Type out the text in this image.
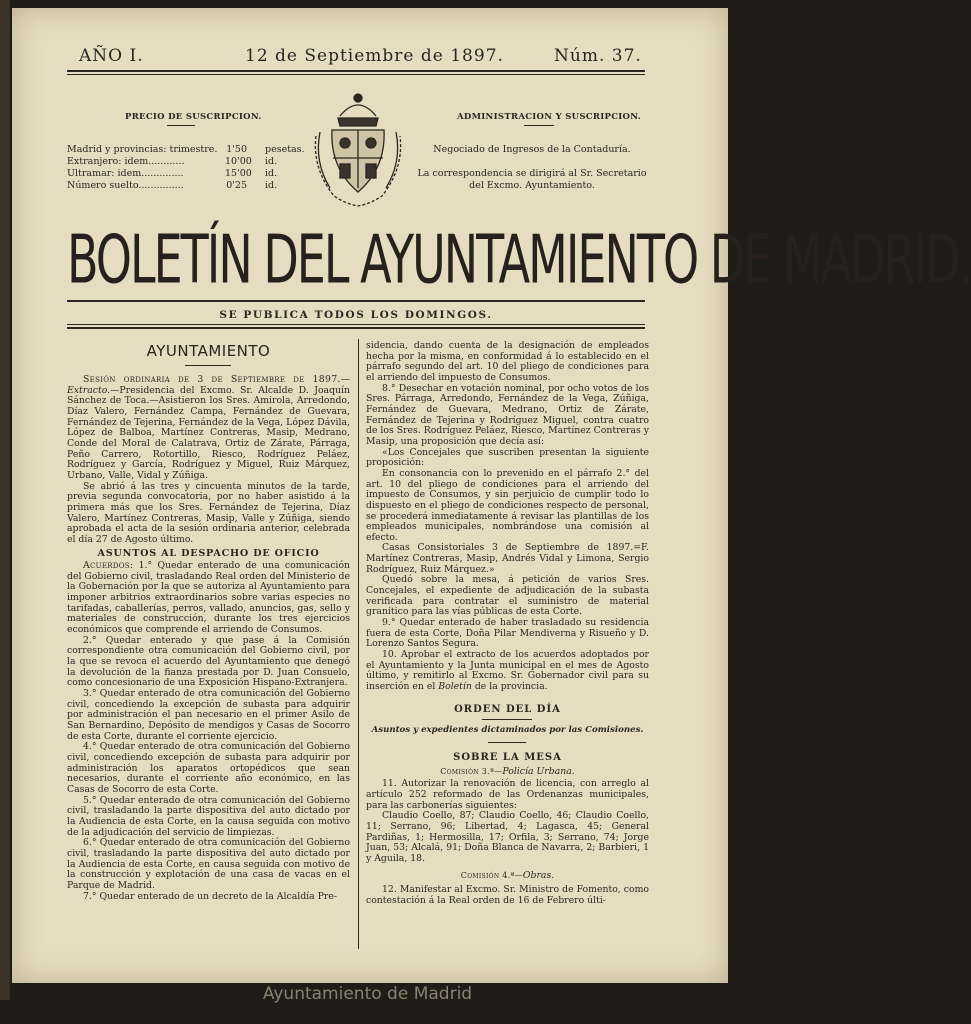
AÑO I.	12 de Septiembre de 1897.	Núm. 37.
PRECIO DE SUSCRIPCION.
Madrid y provincias: trimestre. 1'50 pesetas.
Extranjero: idem............	10'00 id.
Ultramar: idem..............	15'00 id.
Número suelto...............	0'25 id.
ADMINISTRACION Y SUSCRIPCION.
Negociado de Ingresos de la Contaduría.
La correspondencia se dirigirá al Sr. Secretario del Excmo. Ayuntamiento.
BOLETÍN DEL AYUNTAMIENTO DE MADRID.
SE PUBLICA TODOS LOS DOMINGOS.
AYUNTAMIENTO

Sesión ordinaria de 3 de Septiembre de 1897.—Extracto.—Presidencia del Excmo. Sr. Alcalde D. Joaquín Sánchez de Toca.—Asistieron los Sres. Amirola, Arredondo, Díaz Valero, Fernández Campa, Fernández de Guevara, Fernández de Tejerina, Fernández de la Vega, López Dávila, López de Balboa, Martínez Contreras, Masip, Medrano, Conde del Moral de Calatrava, Ortiz de Zárate, Párraga, Peño Carrero, Rotortillo, Riesco, Rodríguez Peláez, Rodríguez y García, Rodríguez y Miguel, Ruiz Márquez, Urbano, Valle, Vidal y Zúñiga.

Se abrió á las tres y cincuenta minutos de la tarde, previa segunda convocatoria, por no haber asistido á la primera más que los Sres. Fernández de Tejerina, Díaz Valero, Martínez Contreras, Masip, Valle y Zúñiga, siendo aprobada el acta de la sesión ordinaria anterior, celebrada el día 27 de Agosto último.

ASUNTOS AL DESPACHO DE OFICIO

Acuerdos: 1.° Quedar enterado de una comunicación del Gobierno civil, trasladando Real orden del Ministerio de la Gobernación por la que se autoriza al Ayuntamiento para imponer arbitrios extraordinarios sobre varias especies no tarifadas, caballerías, perros, vallado, anuncios, gas, sello y materiales de construcción, durante los tres ejercicios económicos que comprende el arriendo de Consumos.

2.° Quedar enterado y que pase á la Comisión correspondiente otra comunicación del Gobierno civil, por la que se revoca el acuerdo del Ayuntamiento que denegó la devolución de la fianza prestada por D. Juan Consuelo, como concesionario de una Exposición Hispano-Extranjera.

3.° Quedar enterado de otra comunicación del Gobierno civil, concediendo la excepción de subasta para adquirir por administración el pan necesario en el primer Asilo de San Bernardino, Depósito de mendigos y Casas de Socorro de esta Corte, durante el corriente ejercicio.

4.° Quedar enterado de otra comunicación del Gobierno civil, concediendo excepción de subasta para adquirir por administración los aparatos ortopédicos que sean necesarios, durante el corriente año económico, en las Casas de Socorro de esta Corte.

5.° Quedar enterado de otra comunicación del Gobierno civil, trasladando la parte dispositiva del auto dictado por la Audiencia de esta Corte, en la causa seguida con motivo de la adjudicación del servicio de limpiezas.

6.° Quedar enterado de otra comunicación del Gobierno civil, trasladando la parte dispositiva del auto dictado por la Audiencia de esta Corte, en causa seguida con motivo de la construcción y explotación de una casa de vacas en el Parque de Madrid.

7.° Quedar enterado de un decreto de la Alcaldía Pre-

sidencia, dando cuenta de la designación de empleados hecha por la misma, en conformidad á lo establecido en el párrafo segundo del art. 10 del pliego de condiciones para el arriendo del impuesto de Consumos.

8.° Desechar en votación nominal, por ocho votos de los Sres. Párraga, Arredondo, Fernández de la Vega, Zúñiga, Fernández de Guevara, Medrano, Ortiz de Zárate, Fernández de Tejerina y Rodríguez Miguel, contra cuatro de los Sres. Rodríguez Peláez, Riesco, Martínez Contreras y Masip, una proposición que decía así:

«Los Concejales que suscriben presentan la siguiente proposición:

En consonancia con lo prevenido en el párrafo 2.° del art. 10 del pliego de condiciones para el arriendo del impuesto de Consumos, y sin perjuicio de cumplir todo lo dispuesto en el pliego de condiciones respecto de personal, se procederá inmediatamente á revisar las plantillas de los empleados municipales, nombrándose una comisión al efecto.

Casas Consistoriales 3 de Septiembre de 1897.=F. Martínez Contreras, Masip, Andrés Vidal y Limona, Sergio Rodríguez, Ruiz Márquez.»

Quedó sobre la mesa, á petición de varios Sres. Concejales, el expediente de adjudicación de la subasta verificada para contratar el suministro de material granítico para las vías públicas de esta Corte.

9.° Quedar enterado de haber trasladado su residencia fuera de esta Corte, Doña Pilar Mendiverna y Risueño y D. Lorenzo Santos Segura.

10. Aprobar el extracto de los acuerdos adoptados por el Ayuntamiento y la Junta municipal en el mes de Agosto último, y remitirlo al Excmo. Sr. Gobernador civil para su inserción en el Boletín de la provincia.

ORDEN DEL DÍA
Asuntos y expedientes dictaminados por las Comisiones.
SOBRE LA MESA
Comisión 3.ª—Policía Urbana.

11. Autorizar la renovación de licencia, con arreglo al artículo 252 reformado de las Ordenanzas municipales, para las carbonerías siguientes:

Claudio Coello, 87; Claudio Coello, 46; Claudio Coello, 11; Serrano, 96; Libertad, 4; Lagasca, 45; General Pardiñas, 1; Hermosilla, 17; Orfila, 3; Serrano, 74; Jorge Juan, 53; Alcalá, 91; Doña Blanca de Navarra, 2; Barbieri, 1 y Aguila, 18.

Comisión 4.ª—Obras.

12. Manifestar al Excmo. Sr. Ministro de Fomento, como contestación á la Real orden de 16 de Febrero últi-

Ayuntamiento de Madrid
